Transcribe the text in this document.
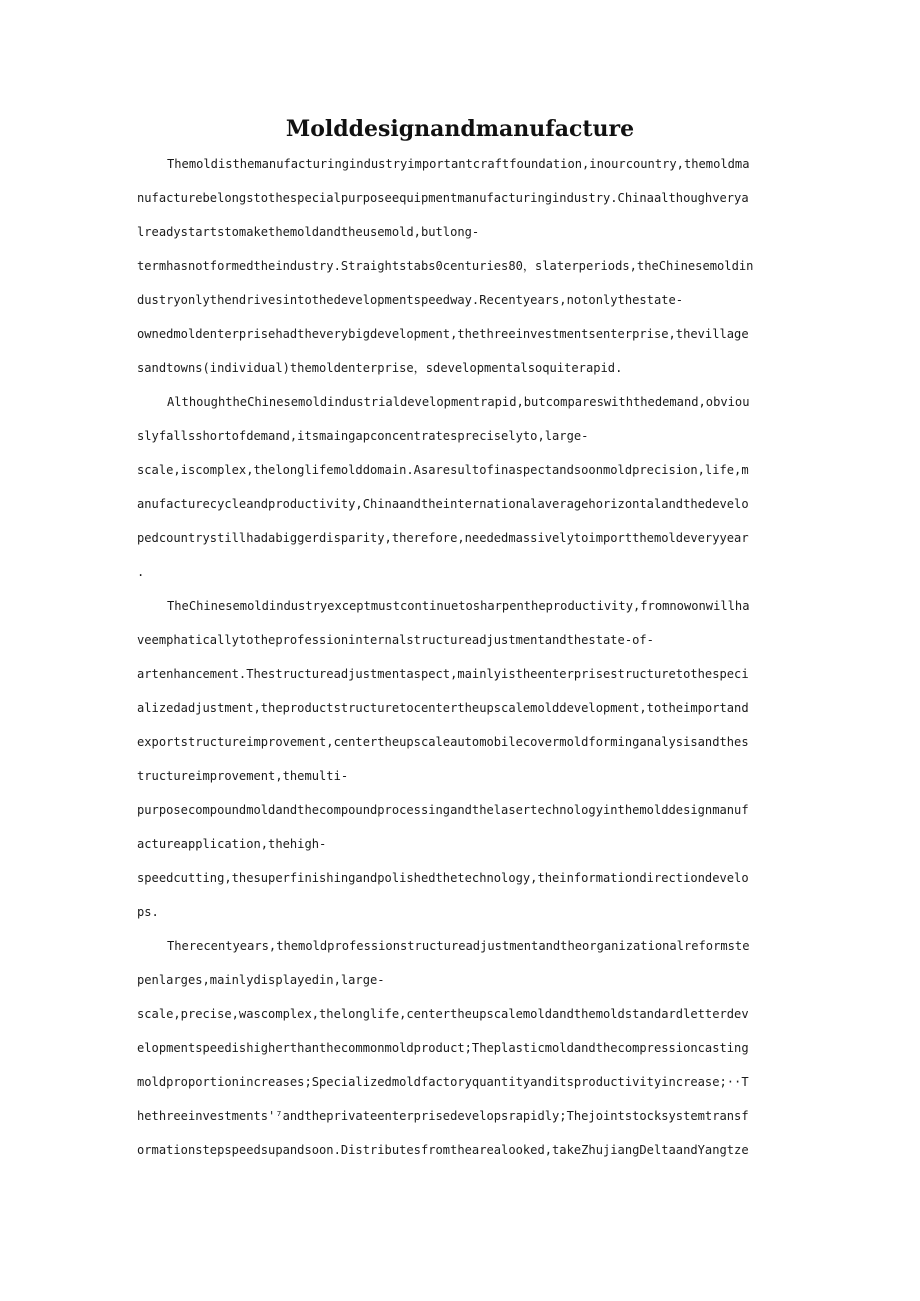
Molddesignandmanufacture
Themoldisthemanufacturingindustryimportantcraftfoundation,inourcountry,themoldma
nufacturebelongstothespecialpurposeequipmentmanufacturingindustry.Chinaalthoughverya
lreadystartstomakethemoldandtheusemold,butlong-
termhasnotformedtheindustry.Straightstabs0centuries80，slaterperiods,theChinesemoldin
dustryonlythendrivesintothedevelopmentspeedway.Recentyears,notonlythestate-
ownedmoldenterprisehadtheverybigdevelopment,thethreeinvestmentsenterprise,thevillage
sandtowns(individual)themoldenterprise，sdevelopmentalsoquiterapid.
AlthoughtheChinesemoldindustrialdevelopmentrapid,butcompareswiththedemand,obviou
slyfallsshortofdemand,itsmaingapconcentratespreciselyto,large-
scale,iscomplex,thelonglifemolddomain.Asaresultofinaspectandsoonmoldprecision,life,m
anufacturecycleandproductivity,Chinaandtheinternationalaveragehorizontalandthedevelo
pedcountrystillhadabiggerdisparity,therefore,neededmassivelytoimportthemoldeveryyear
.
TheChinesemoldindustryexceptmustcontinuetosharpentheproductivity,fromnowonwillha
veemphaticallytotheprofessioninternalstructureadjustmentandthestate-of-
artenhancement.Thestructureadjustmentaspect,mainlyistheenterprisestructuretothespeci
alizedadjustment,theproductstructuretocentertheupscalemolddevelopment,totheimportand
exportstructureimprovement,centertheupscaleautomobilecovermoldforminganalysisandthes
tructureimprovement,themulti-
purposecompoundmoldandthecompoundprocessingandthelasertechnologyinthemolddesignmanuf
actureapplication,thehigh-
speedcutting,thesuperfinishingandpolishedthetechnology,theinformationdirectiondevelo
ps.
Therecentyears,themoldprofessionstructureadjustmentandtheorganizationalreformste
penlarges,mainlydisplayedin,large-
scale,precise,wascomplex,thelonglife,centertheupscalemoldandthemoldstandardletterdev
elopmentspeedishigherthanthecommonmoldproduct;Theplasticmoldandthecompressioncasting
moldproportionincreases;Specializedmoldfactoryquantityanditsproductivityincrease;··T
hethreeinvestments'⁷andtheprivateenterprisedevelopsrapidly;Thejointstocksystemtransf
ormationstepspeedsupandsoon.Distributesfromthearealooked,takeZhujiangDeltaandYangtze
